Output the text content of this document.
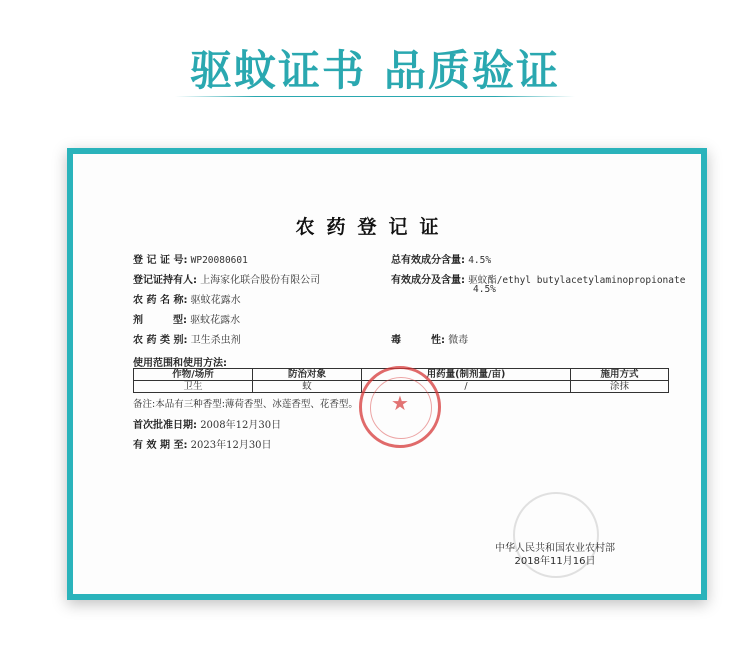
驱蚊证书 品质验证
农药登记证
登 记 证 号: WP20080601
登记证持有人: 上海家化联合股份有限公司
农 药 名 称: 驱蚊花露水
剂　　　型: 驱蚊花露水
农 药 类 别: 卫生杀虫剂
总有效成分含量: 4.5%
有效成分及含量: 驱蚊酯/ethyl butylacetylaminopropionate
4.5%
毒　　　性: 微毒
使用范围和使用方法:
作物/场所	防治对象	用药量(制剂量/亩)	施用方式
卫生	蚊	/	涂抹
备注:本品有三种香型:薄荷香型、冰莲香型、花香型。
首次批准日期: 2008年12月30日
有 效 期 至: 2023年12月30日
★
中华人民共和国农业农村部
2018年11月16日
